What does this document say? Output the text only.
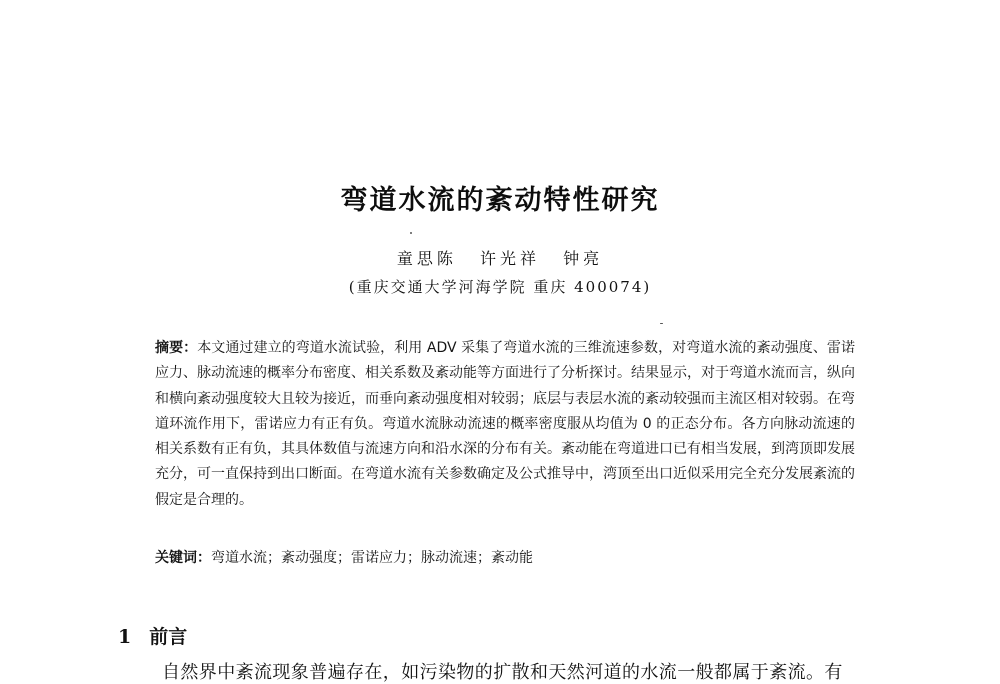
弯道水流的紊动特性研究
童思陈 许光祥 钟亮
(重庆交通大学河海学院 重庆 400074)
摘要：本文通过建立的弯道水流试验，利用 ADV 采集了弯道水流的三维流速参数，对弯道水流的紊动强度、雷诺应力、脉动流速的概率分布密度、相关系数及紊动能等方面进行了分析探讨。结果显示，对于弯道水流而言，纵向和横向紊动强度较大且较为接近，而垂向紊动强度相对较弱；底层与表层水流的紊动较强而主流区相对较弱。在弯道环流作用下，雷诺应力有正有负。弯道水流脉动流速的概率密度服从均值为 0 的正态分布。各方向脉动流速的相关系数有正有负，其具体数值与流速方向和沿水深的分布有关。紊动能在弯道进口已有相当发展，到湾顶即发展充分，可一直保持到出口断面。在弯道水流有关参数确定及公式推导中，湾顶至出口近似采用完全充分发展紊流的假定是合理的。
关键词：弯道水流；紊动强度；雷诺应力；脉动流速；紊动能
1 前言
自然界中紊流现象普遍存在，如污染物的扩散和天然河道的水流一般都属于紊流。有
